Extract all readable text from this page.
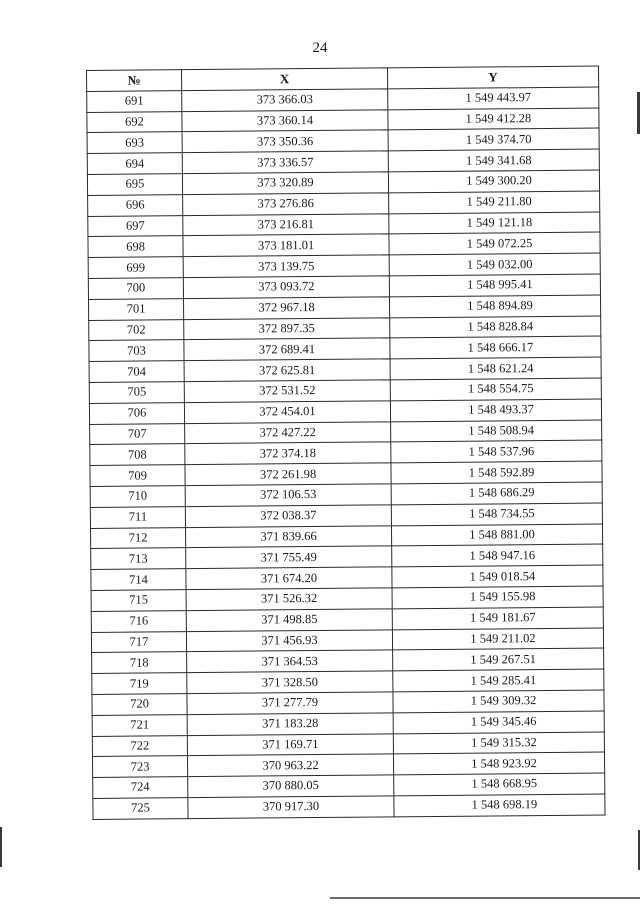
24
№	X	Y
691	373 366.03	1 549 443.97
692	373 360.14	1 549 412.28
693	373 350.36	1 549 374.70
694	373 336.57	1 549 341.68
695	373 320.89	1 549 300.20
696	373 276.86	1 549 211.80
697	373 216.81	1 549 121.18
698	373 181.01	1 549 072.25
699	373 139.75	1 549 032.00
700	373 093.72	1 548 995.41
701	372 967.18	1 548 894.89
702	372 897.35	1 548 828.84
703	372 689.41	1 548 666.17
704	372 625.81	1 548 621.24
705	372 531.52	1 548 554.75
706	372 454.01	1 548 493.37
707	372 427.22	1 548 508.94
708	372 374.18	1 548 537.96
709	372 261.98	1 548 592.89
710	372 106.53	1 548 686.29
711	372 038.37	1 548 734.55
712	371 839.66	1 548 881.00
713	371 755.49	1 548 947.16
714	371 674.20	1 549 018.54
715	371 526.32	1 549 155.98
716	371 498.85	1 549 181.67
717	371 456.93	1 549 211.02
718	371 364.53	1 549 267.51
719	371 328.50	1 549 285.41
720	371 277.79	1 549 309.32
721	371 183.28	1 549 345.46
722	371 169.71	1 549 315.32
723	370 963.22	1 548 923.92
724	370 880.05	1 548 668.95
725	370 917.30	1 548 698.19
